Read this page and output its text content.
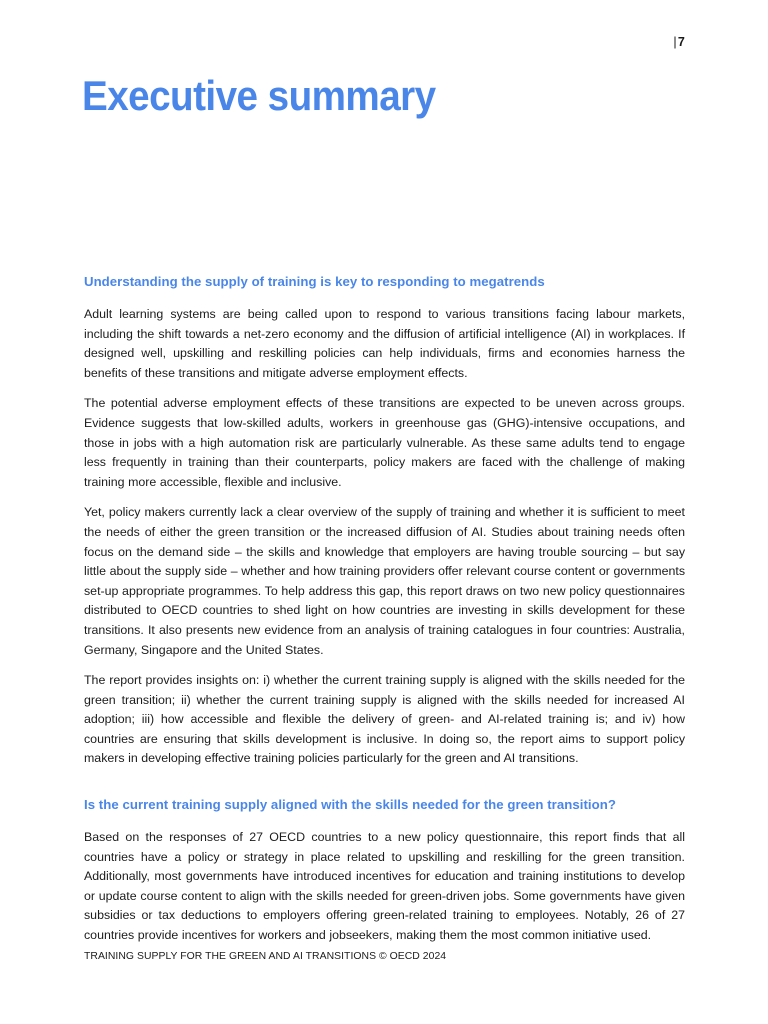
|7
Executive summary
Understanding the supply of training is key to responding to megatrends

Adult learning systems are being called upon to respond to various transitions facing labour markets, including the shift towards a net-zero economy and the diffusion of artificial intelligence (AI) in workplaces. If designed well, upskilling and reskilling policies can help individuals, firms and economies harness the benefits of these transitions and mitigate adverse employment effects.

The potential adverse employment effects of these transitions are expected to be uneven across groups. Evidence suggests that low-skilled adults, workers in greenhouse gas (GHG)-intensive occupations, and those in jobs with a high automation risk are particularly vulnerable. As these same adults tend to engage less frequently in training than their counterparts, policy makers are faced with the challenge of making training more accessible, flexible and inclusive.

Yet, policy makers currently lack a clear overview of the supply of training and whether it is sufficient to meet the needs of either the green transition or the increased diffusion of AI. Studies about training needs often focus on the demand side – the skills and knowledge that employers are having trouble sourcing – but say little about the supply side – whether and how training providers offer relevant course content or governments set-up appropriate programmes. To help address this gap, this report draws on two new policy questionnaires distributed to OECD countries to shed light on how countries are investing in skills development for these transitions. It also presents new evidence from an analysis of training catalogues in four countries: Australia, Germany, Singapore and the United States.

The report provides insights on: i) whether the current training supply is aligned with the skills needed for the green transition; ii) whether the current training supply is aligned with the skills needed for increased AI adoption; iii) how accessible and flexible the delivery of green- and AI-related training is; and iv) how countries are ensuring that skills development is inclusive. In doing so, the report aims to support policy makers in developing effective training policies particularly for the green and AI transitions.

Is the current training supply aligned with the skills needed for the green transition?

Based on the responses of 27 OECD countries to a new policy questionnaire, this report finds that all countries have a policy or strategy in place related to upskilling and reskilling for the green transition. Additionally, most governments have introduced incentives for education and training institutions to develop or update course content to align with the skills needed for green-driven jobs. Some governments have given subsidies or tax deductions to employers offering green-related training to employees. Notably, 26 of 27 countries provide incentives for workers and jobseekers, making them the most common initiative used.

TRAINING SUPPLY FOR THE GREEN AND AI TRANSITIONS © OECD 2024
